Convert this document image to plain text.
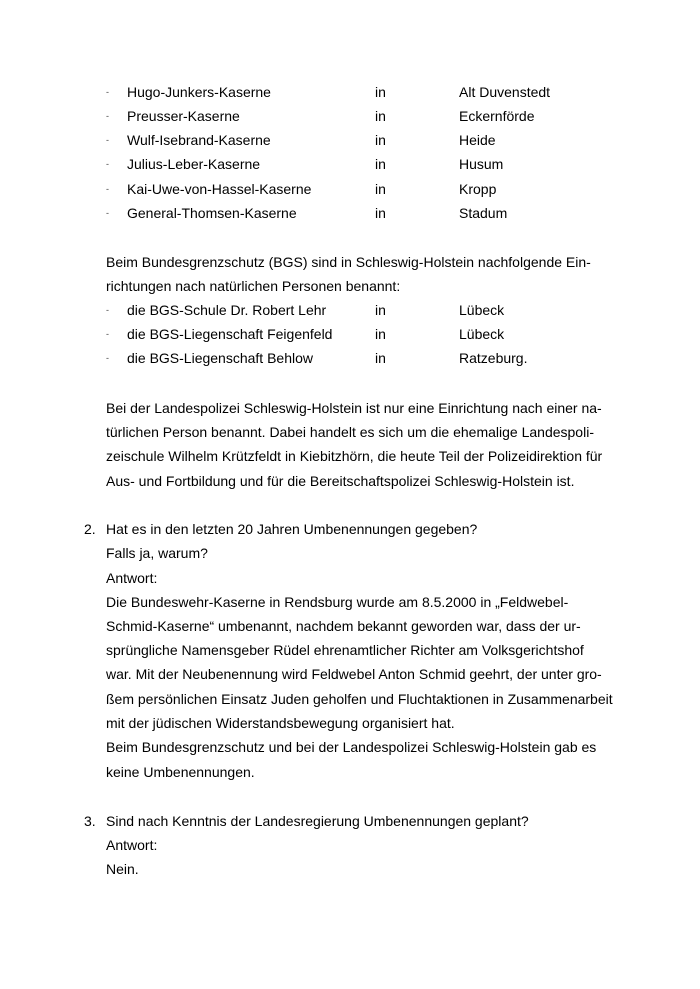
- Hugo-Junkers-Kaserne	in	Alt Duvenstedt
- Preusser-Kaserne	in	Eckernförde
- Wulf-Isebrand-Kaserne	in	Heide
- Julius-Leber-Kaserne	in	Husum
- Kai-Uwe-von-Hassel-Kaserne	in	Kropp
- General-Thomsen-Kaserne	in	Stadum
Beim Bundesgrenzschutz (BGS) sind in Schleswig-Holstein nachfolgende Ein-
richtungen nach natürlichen Personen benannt:
- die BGS-Schule Dr. Robert Lehr	in	Lübeck
- die BGS-Liegenschaft Feigenfeld	in	Lübeck
- die BGS-Liegenschaft Behlow	in	Ratzeburg.
Bei der Landespolizei Schleswig-Holstein ist nur eine Einrichtung nach einer na-
türlichen Person benannt. Dabei handelt es sich um die ehemalige Landespoli-
zeischule Wilhelm Krützfeldt in Kiebitzhörn, die heute Teil der Polizeidirektion für
Aus- und Fortbildung und für die Bereitschaftspolizei Schleswig-Holstein ist.
2. Hat es in den letzten 20 Jahren Umbenennungen gegeben?
Falls ja, warum?
Antwort:
Die Bundeswehr-Kaserne in Rendsburg wurde am 8.5.2000 in „Feldwebel-
Schmid-Kaserne“ umbenannt, nachdem bekannt geworden war, dass der ur-
sprüngliche Namensgeber Rüdel ehrenamtlicher Richter am Volksgerichtshof
war. Mit der Neubenennung wird Feldwebel Anton Schmid geehrt, der unter gro-
ßem persönlichen Einsatz Juden geholfen und Fluchtaktionen in Zusammenarbeit
mit der jüdischen Widerstandsbewegung organisiert hat.
Beim Bundesgrenzschutz und bei der Landespolizei Schleswig-Holstein gab es
keine Umbenennungen.
3. Sind nach Kenntnis der Landesregierung Umbenennungen geplant?
Antwort:
Nein.
